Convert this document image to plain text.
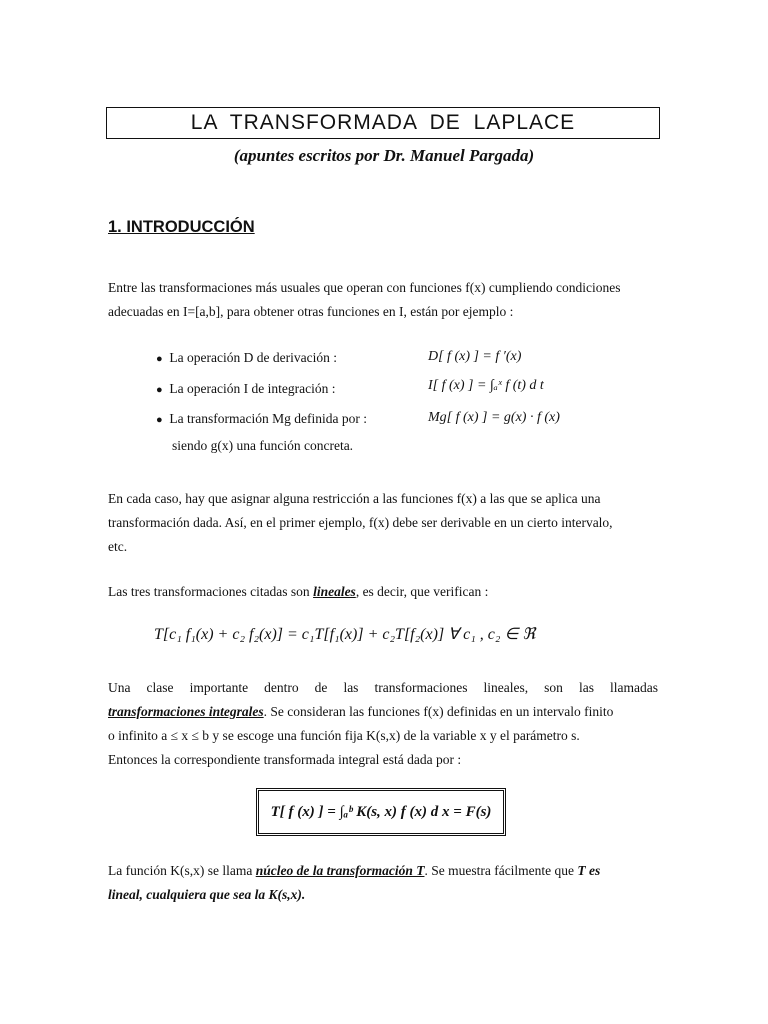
LA TRANSFORMADA DE LAPLACE
(apuntes escritos por Dr. Manuel Pargada)
1. INTRODUCCIÓN
Entre las transformaciones más usuales que operan con funciones f(x) cumpliendo condiciones
adecuadas en I=[a,b], para obtener otras funciones en I, están por ejemplo :
● La operación D de derivación :	D[ f (x) ] = f ′(x)
● La operación I de integración :	I[ f (x) ] = ∫ₐˣ f (t) d t
● La transformación Mg definida por :	Mg[ f (x) ] = g(x) · f (x)
siendo g(x) una función concreta.
En cada caso, hay que asignar alguna restricción a las funciones f(x) a las que se aplica una
transformación dada. Así, en el primer ejemplo, f(x) debe ser derivable en un cierto intervalo,
etc.
Las tres transformaciones citadas son lineales, es decir, que verifican :
T[c₁ f₁(x) + c₂ f₂(x)] = c₁T[f₁(x)] + c₂T[f₂(x)] ∀ c₁ , c₂ ∈ ℜ
Una clase importante dentro de las transformaciones lineales, son las llamadas
transformaciones integrales. Se consideran las funciones f(x) definidas en un intervalo finito
o infinito a ≤ x ≤ b y se escoge una función fija K(s,x) de la variable x y el parámetro s.
Entonces la correspondiente transformada integral está dada por :
T[ f (x) ] = ∫ₐᵇ K(s, x) f (x) d x = F(s)
La función K(s,x) se llama núcleo de la transformación T. Se muestra fácilmente que T es
lineal, cualquiera que sea la K(s,x).
